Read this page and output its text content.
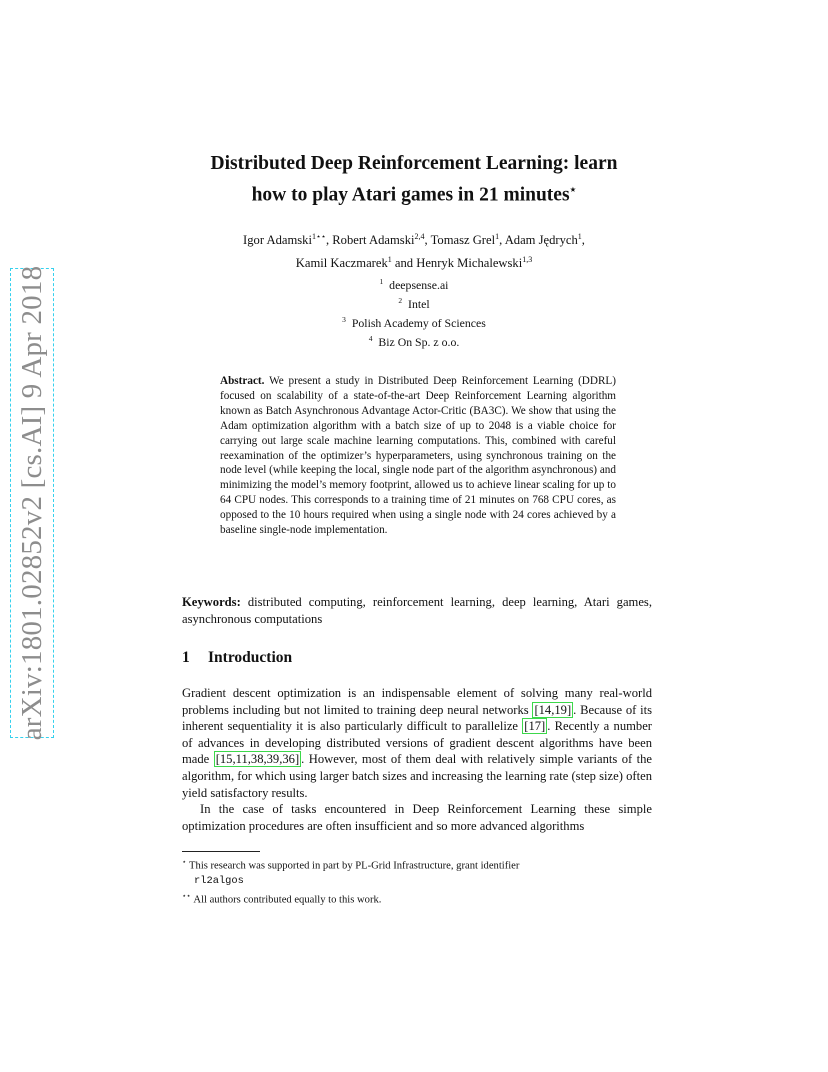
arXiv:1801.02852v2 [cs.AI] 9 Apr 2018
Distributed Deep Reinforcement Learning: learn
how to play Atari games in 21 minutes⋆
Igor Adamski$^{1⋆⋆}$, Robert Adamski$^{2,4}$, Tomasz Grel$^1$, Adam Jędrych$^1$,
Kamil Kaczmarek$^1$ and Henryk Michalewski$^{1,3}$
$^1$ deepsense.ai
$^2$ Intel
$^3$ Polish Academy of Sciences
$^4$ Biz On Sp. z o.o.
Abstract. We present a study in Distributed Deep Reinforcement Learning (DDRL) focused on scalability of a state-of-the-art Deep Reinforcement Learning algorithm known as Batch Asynchronous Advantage Actor-Critic (BA3C). We show that using the Adam optimization algorithm with a batch size of up to 2048 is a viable choice for carrying out large scale machine learning computations. This, combined with careful reexamination of the optimizer’s hyperparameters, using synchronous training on the node level (while keeping the local, single node part of the algorithm asynchronous) and minimizing the model’s memory footprint, allowed us to achieve linear scaling for up to 64 CPU nodes. This corresponds to a training time of 21 minutes on 768 CPU cores, as opposed to the 10 hours required when using a single node with 24 cores achieved by a baseline single-node implementation.
Keywords: distributed computing, reinforcement learning, deep learning, Atari games, asynchronous computations
1 Introduction

Gradient descent optimization is an indispensable element of solving many real-world problems including but not limited to training deep neural networks [14,19] . Because of its inherent sequentiality it is also particularly difficult to parallelize [17] . Recently a number of advances in developing distributed versions of gradient descent algorithms have been made [15,11,38,39,36] . However, most of them deal with relatively simple variants of the algorithm, for which using larger batch sizes and increasing the learning rate (step size) often yield satisfactory results.

In the case of tasks encountered in Deep Reinforcement Learning these simple optimization procedures are often insufficient and so more advanced algorithms

⋆ This research was supported in part by PL-Grid Infrastructure, grant identifier
rl2algos
⋆⋆ All authors contributed equally to this work.
